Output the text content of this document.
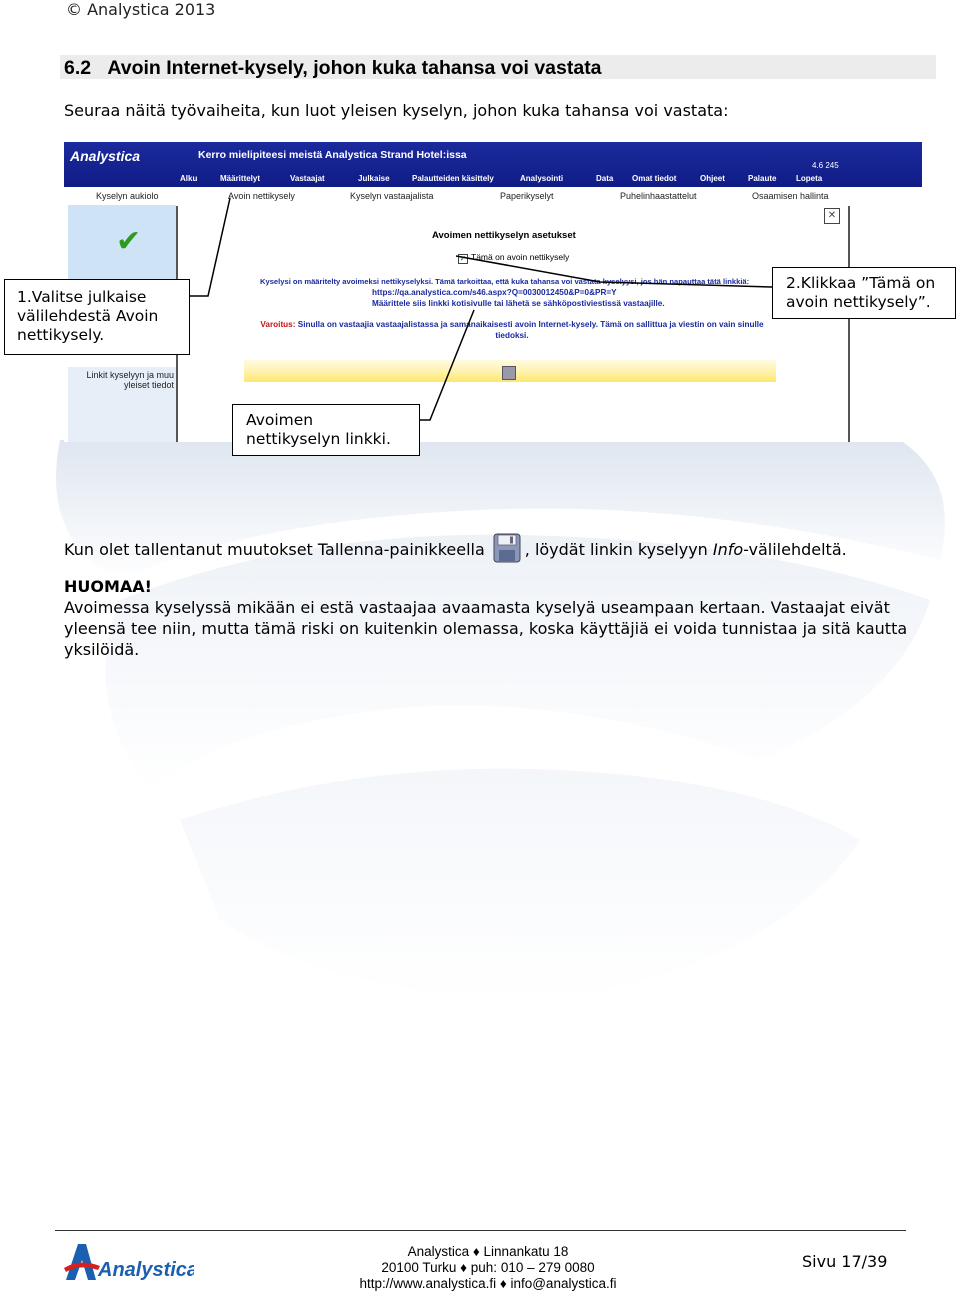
© Analystica 2013
6.2 Avoin Internet-kysely, johon kuka tahansa voi vastata
Seuraa näitä työvaiheita, kun luot yleisen kyselyn, johon kuka tahansa voi vastata:
Analystica	Kerro mielipiteesi meistä Analystica Strand Hotel:issa
4.6 245
Alku	Määrittelyt	Vastaajat	Julkaise	Palautteiden käsittely	Analysointi	Data Omat tiedot	Ohjeet	Palaute Lopeta
Kyselyn aukiolo	Avoin nettikysely	Kyselyn vastaajalista	Paperikyselyt	Puhelinhaastattelut	Osaamisen hallinta
✔
Linkit kyselyyn ja muu yleiset tiedot
✕
Avoimen nettikyselyn asetukset
✓ Tämä on avoin nettikysely
Kyselysi on määritelty avoimeksi nettikyselyksi. Tämä tarkoittaa, että kuka tahansa voi vastata kyselyysi, jos hän napauttaa tätä linkkiä:
https://qa.analystica.com/s46.aspx?Q=0030012450&P=0&PR=Y
Määrittele siis linkki kotisivulle tai lähetä se sähköpostiviestissä vastaajille.
Varoitus: Sinulla on vastaajia vastaajalistassa ja samanaikaisesti avoin Internet-kysely. Tämä on sallittua ja viestin on vain sinulle tiedoksi.
1.Valitse julkaise välilehdestä Avoin nettikysely.
2.Klikkaa ”Tämä on avoin nettikysely”.
Avoimen nettikyselyn linkki.
Kun olet tallentanut muutokset Tallenna-painikkeella	, löydät linkin kyselyyn Info-välilehdeltä.
HUOMAA!
Avoimessa kyselyssä mikään ei estä vastaajaa avaamasta kyselyä useampaan kertaan. Vastaajat eivät yleensä tee niin, mutta tämä riski on kuitenkin olemassa, koska käyttäjiä ei voida tunnistaa ja sitä kautta yksilöidä.
Analystica
Analystica ♦ Linnankatu 18
20100 Turku ♦ puh: 010 – 279 0080
http://www.analystica.fi ♦ info@analystica.fi
Sivu 17/39
